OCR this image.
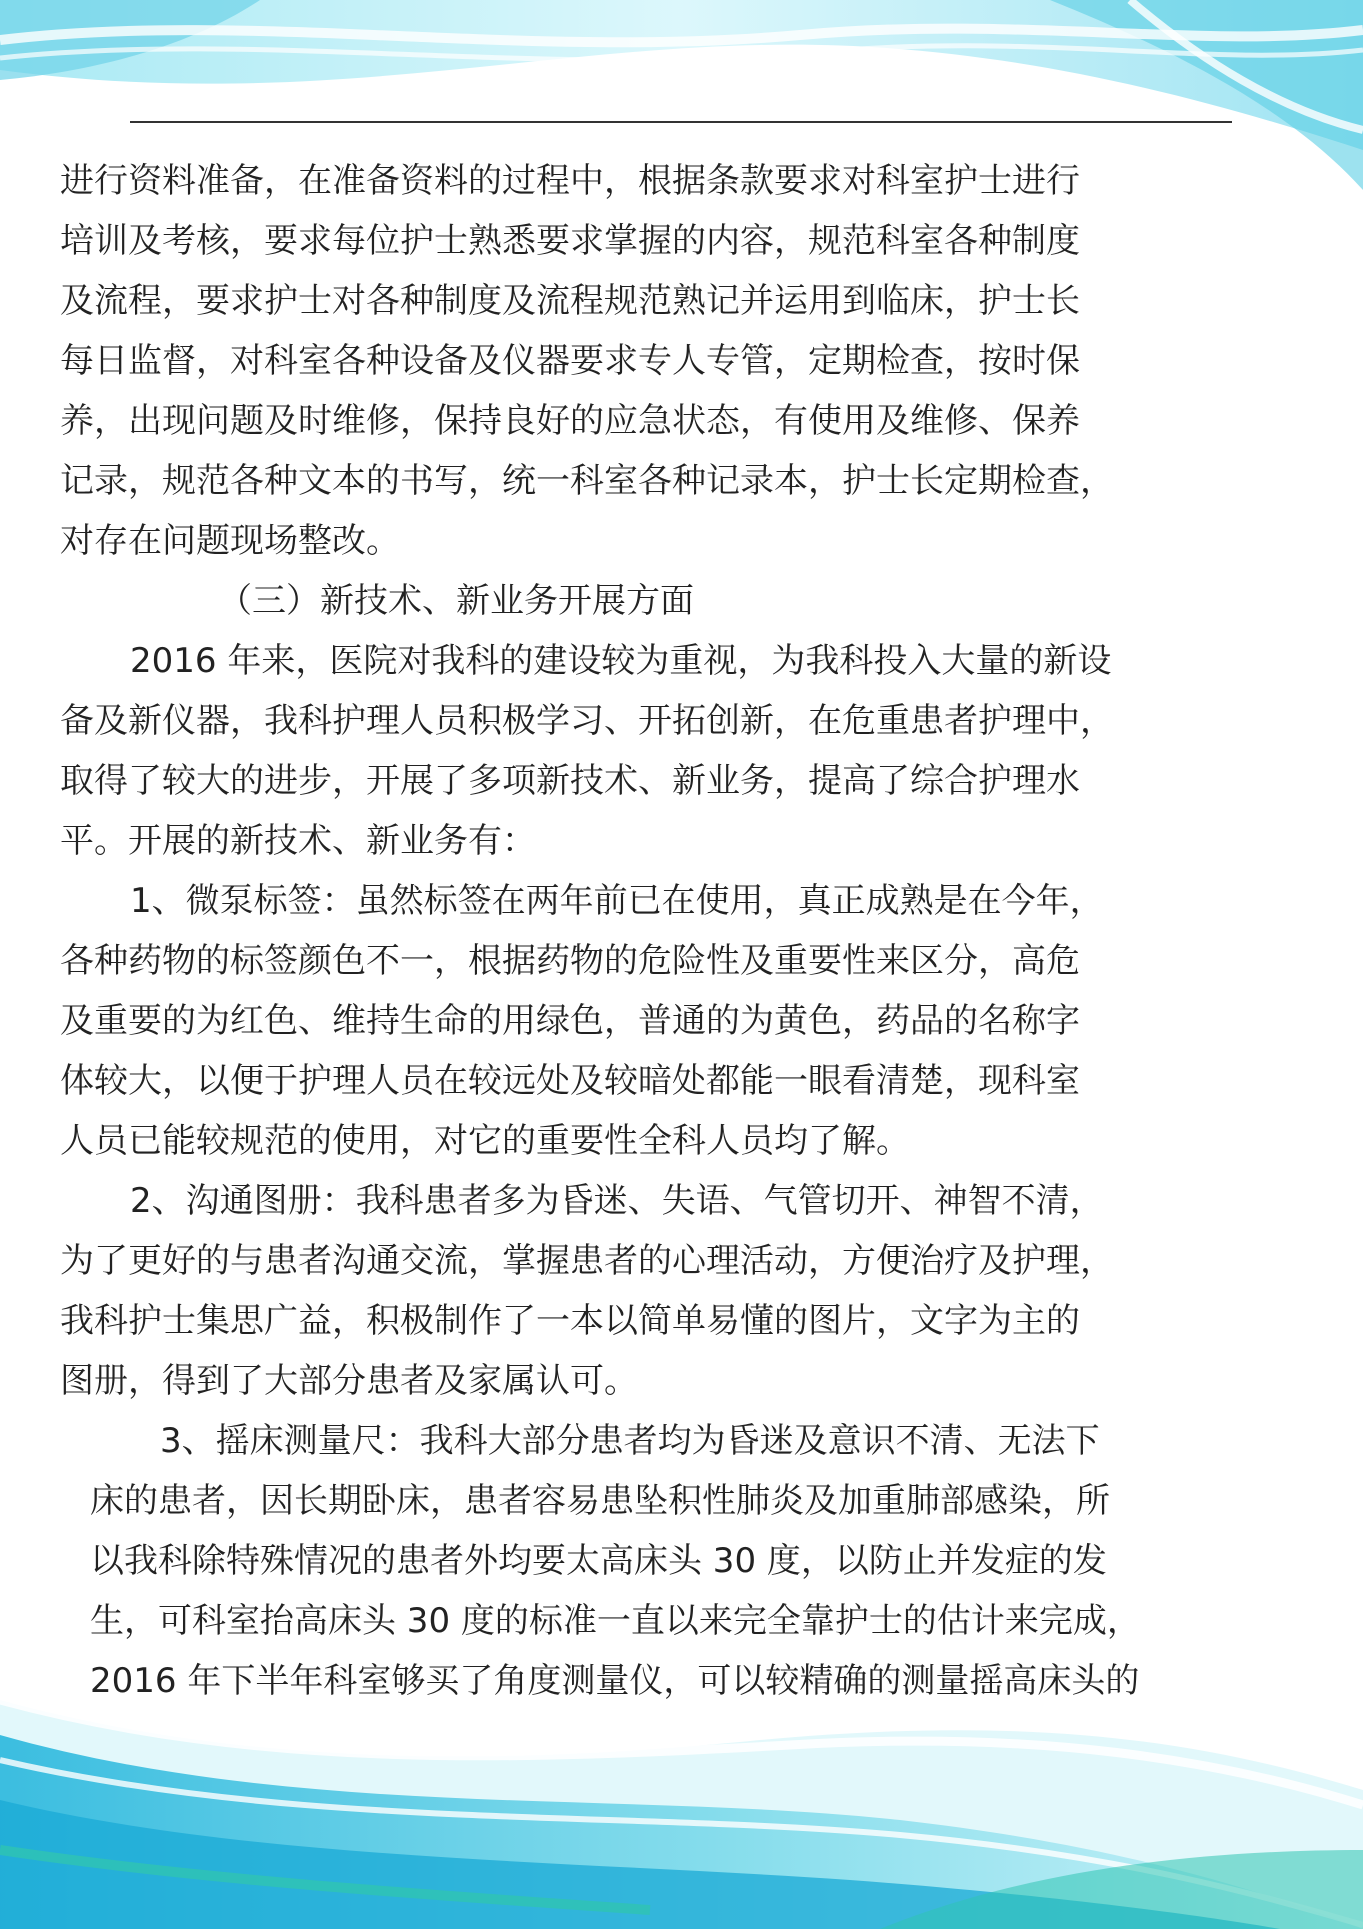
进行资料准备，在准备资料的过程中，根据条款要求对科室护士进行
培训及考核，要求每位护士熟悉要求掌握的内容，规范科室各种制度
及流程，要求护士对各种制度及流程规范熟记并运用到临床，护士长
每日监督，对科室各种设备及仪器要求专人专管，定期检查，按时保
养，出现问题及时维修，保持良好的应急状态，有使用及维修、保养
记录，规范各种文本的书写，统一科室各种记录本，护士长定期检查，
对存在问题现场整改。
（三）新技术、新业务开展方面
2016 年来，医院对我科的建设较为重视，为我科投入大量的新设
备及新仪器，我科护理人员积极学习、开拓创新，在危重患者护理中，
取得了较大的进步，开展了多项新技术、新业务，提高了综合护理水
平。开展的新技术、新业务有：
1、微泵标签：虽然标签在两年前已在使用，真正成熟是在今年，
各种药物的标签颜色不一，根据药物的危险性及重要性来区分，高危
及重要的为红色、维持生命的用绿色，普通的为黄色，药品的名称字
体较大，以便于护理人员在较远处及较暗处都能一眼看清楚，现科室
人员已能较规范的使用，对它的重要性全科人员均了解。
2、沟通图册：我科患者多为昏迷、失语、气管切开、神智不清，
为了更好的与患者沟通交流，掌握患者的心理活动，方便治疗及护理，
我科护士集思广益，积极制作了一本以简单易懂的图片，文字为主的
图册，得到了大部分患者及家属认可。
3、摇床测量尺：我科大部分患者均为昏迷及意识不清、无法下
床的患者，因长期卧床，患者容易患坠积性肺炎及加重肺部感染，所
以我科除特殊情况的患者外均要太高床头 30 度，以防止并发症的发
生，可科室抬高床头 30 度的标准一直以来完全靠护士的估计来完成，
2016 年下半年科室够买了角度测量仪，可以较精确的测量摇高床头的
